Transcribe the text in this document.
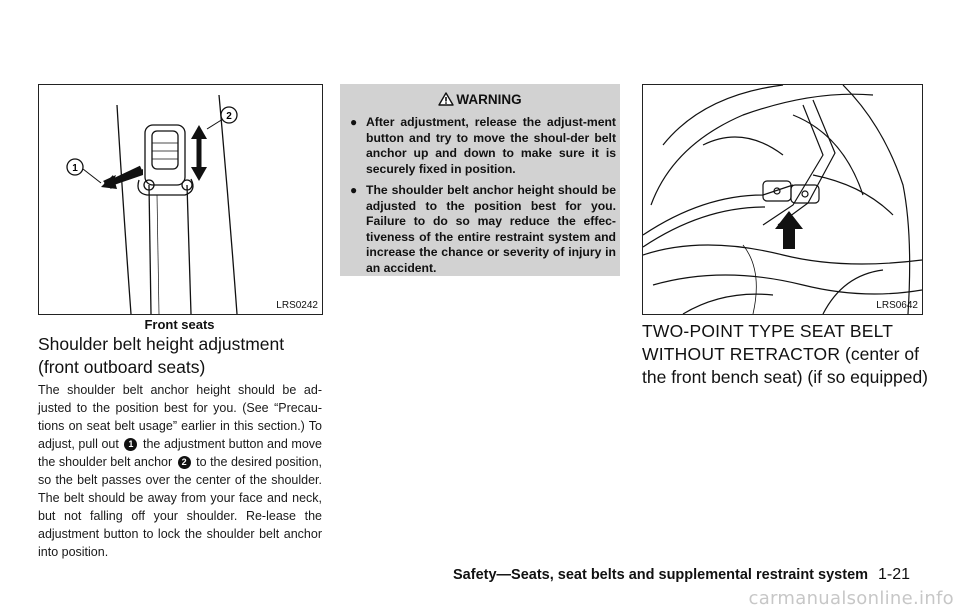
1
2
LRS0242
Front seats
Shoulder belt height adjustment (front outboard seats)

The shoulder belt anchor height should be ad-justed to the position best for you. (See “Precau-tions on seat belt usage” earlier in this section.) To adjust, pull out 1 the adjustment button and move the shoulder belt anchor 2 to the desired position, so the belt passes over the center of the shoulder. The belt should be away from your face and neck, but not falling off your shoulder. Re-lease the adjustment button to lock the shoulder belt anchor into position.

WARNING
● After adjustment, release the adjust-ment button and try to move the shoul-der belt anchor up and down to make sure it is securely fixed in position.
● The shoulder belt anchor height should be adjusted to the position best for you. Failure to do so may reduce the effec-tiveness of the entire restraint system and increase the chance or severity of injury in an accident.
LRS0642
TWO-POINT TYPE SEAT BELT WITHOUT RETRACTOR (center of the front bench seat) (if so equipped)
Safety—Seats, seat belts and supplemental restraint system 1-21
carmanualsonline.info
